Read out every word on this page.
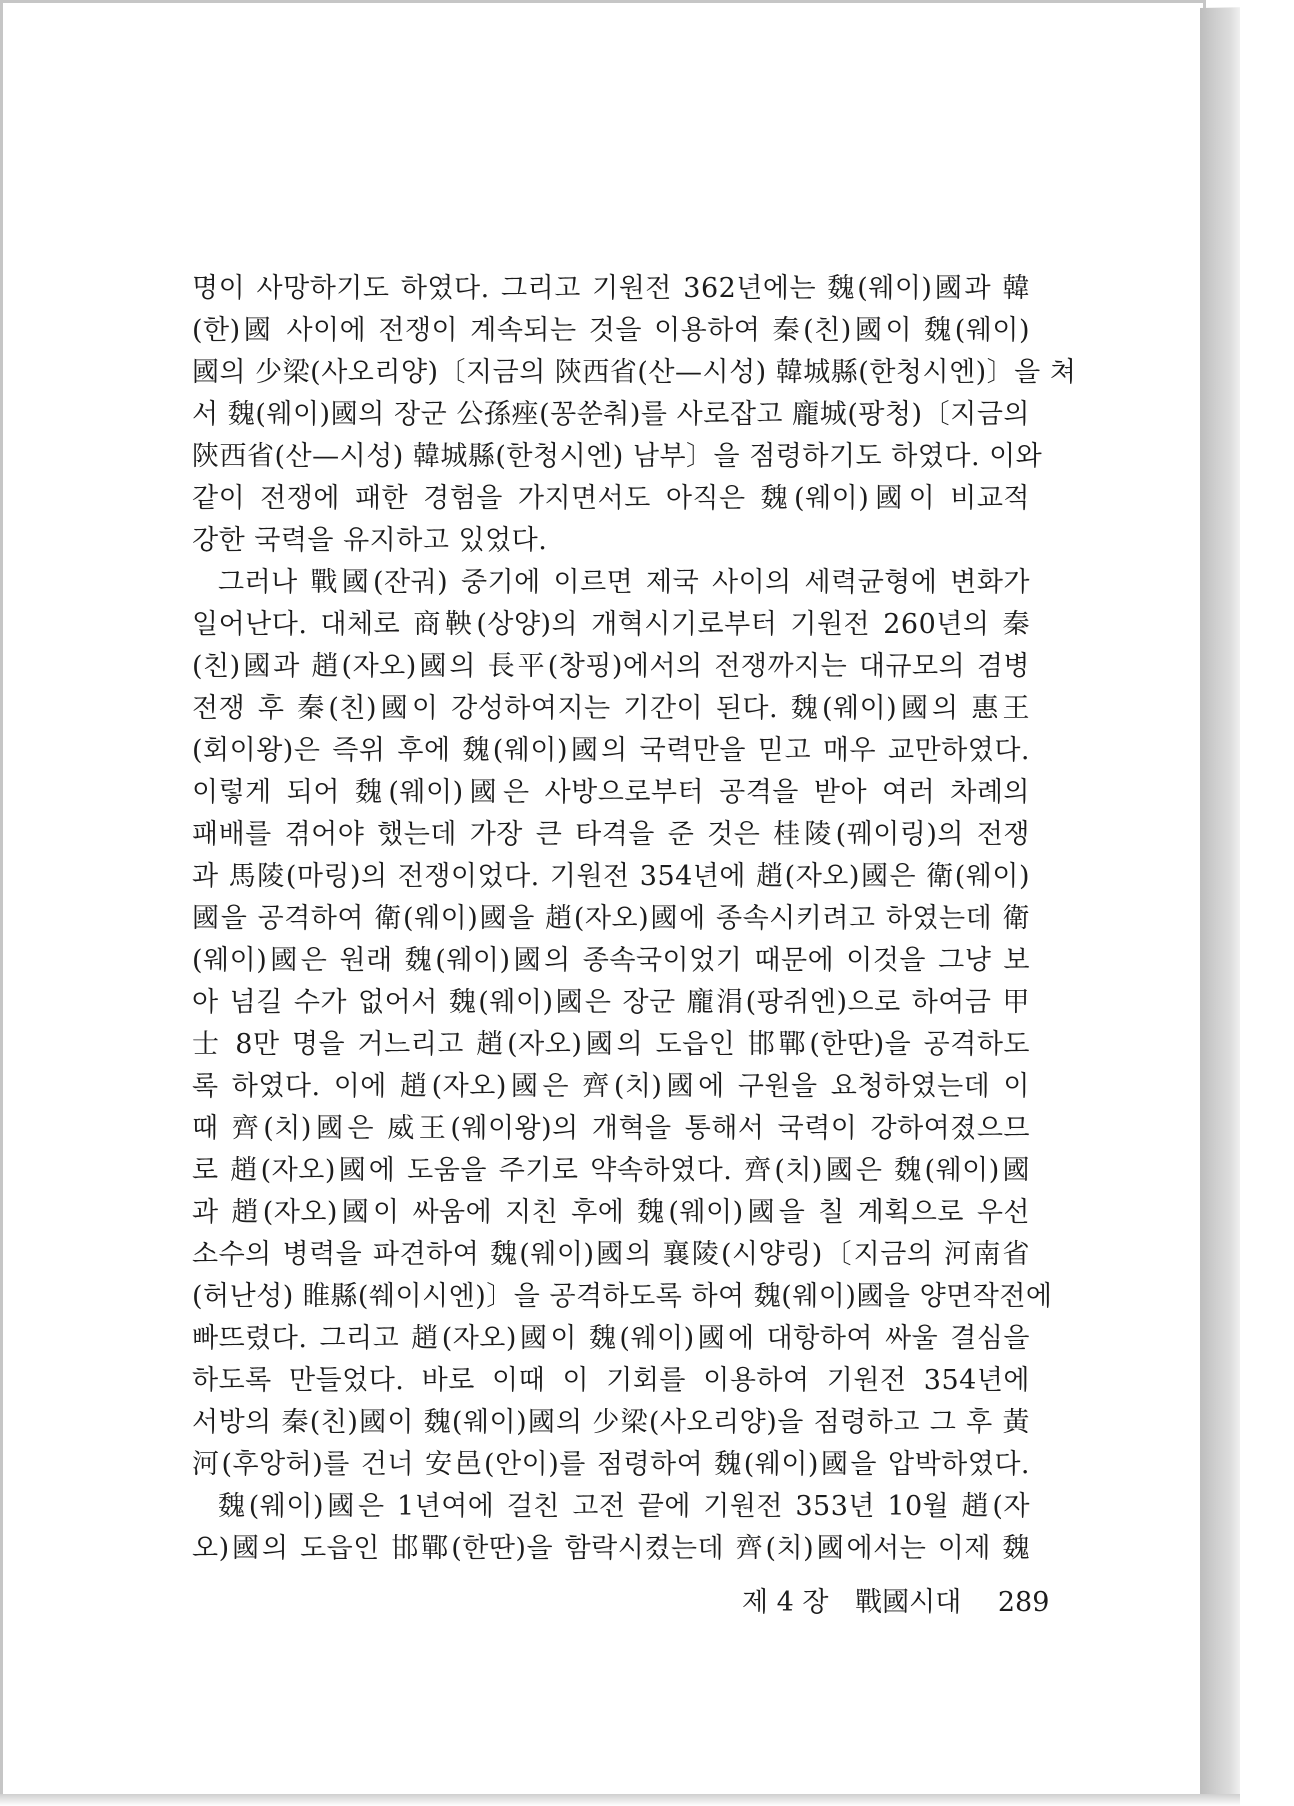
명이 사망하기도 하였다. 그리고 기원전 362년에는 魏(웨이)國과 韓
(한)國 사이에 전쟁이 계속되는 것을 이용하여 秦(친)國이 魏(웨이)
國의 少梁(사오리양)〔지금의 陝西省(산—시성) 韓城縣(한청시엔)〕을 쳐
서 魏(웨이)國의 장군 公孫痤(꽁쑨춰)를 사로잡고 龐城(팡청)〔지금의
陝西省(산—시성) 韓城縣(한청시엔) 남부〕을 점령하기도 하였다. 이와
같이 전쟁에 패한 경험을 가지면서도 아직은 魏(웨이)國이 비교적
강한 국력을 유지하고 있었다.
그러나 戰國(잔궈) 중기에 이르면 제국 사이의 세력균형에 변화가
일어난다. 대체로 商鞅(상양)의 개혁시기로부터 기원전 260년의 秦
(친)國과 趙(자오)國의 長平(창핑)에서의 전쟁까지는 대규모의 겸병
전쟁 후 秦(친)國이 강성하여지는 기간이 된다. 魏(웨이)國의 惠王
(회이왕)은 즉위 후에 魏(웨이)國의 국력만을 믿고 매우 교만하였다.
이렇게 되어 魏(웨이)國은 사방으로부터 공격을 받아 여러 차례의
패배를 겪어야 했는데 가장 큰 타격을 준 것은 桂陵(꿰이링)의 전쟁
과 馬陵(마링)의 전쟁이었다. 기원전 354년에 趙(자오)國은 衛(웨이)
國을 공격하여 衛(웨이)國을 趙(자오)國에 종속시키려고 하였는데 衛
(웨이)國은 원래 魏(웨이)國의 종속국이었기 때문에 이것을 그냥 보
아 넘길 수가 없어서 魏(웨이)國은 장군 龐涓(팡쥐엔)으로 하여금 甲
士 8만 명을 거느리고 趙(자오)國의 도읍인 邯鄲(한딴)을 공격하도
록 하였다. 이에 趙(자오)國은 齊(치)國에 구원을 요청하였는데 이
때 齊(치)國은 威王(웨이왕)의 개혁을 통해서 국력이 강하여졌으므
로 趙(자오)國에 도움을 주기로 약속하였다. 齊(치)國은 魏(웨이)國
과 趙(자오)國이 싸움에 지친 후에 魏(웨이)國을 칠 계획으로 우선
소수의 병력을 파견하여 魏(웨이)國의 襄陵(시양링)〔지금의 河南省
(허난성) 睢縣(쒜이시엔)〕을 공격하도록 하여 魏(웨이)國을 양면작전에
빠뜨렸다. 그리고 趙(자오)國이 魏(웨이)國에 대항하여 싸울 결심을
하도록 만들었다. 바로 이때 이 기회를 이용하여 기원전 354년에
서방의 秦(친)國이 魏(웨이)國의 少梁(사오리양)을 점령하고 그 후 黃
河(후앙허)를 건너 安邑(안이)를 점령하여 魏(웨이)國을 압박하였다.
魏(웨이)國은 1년여에 걸친 고전 끝에 기원전 353년 10월 趙(자
오)國의 도읍인 邯鄲(한딴)을 함락시켰는데 齊(치)國에서는 이제 魏
제 4 장 戰國시대 289
